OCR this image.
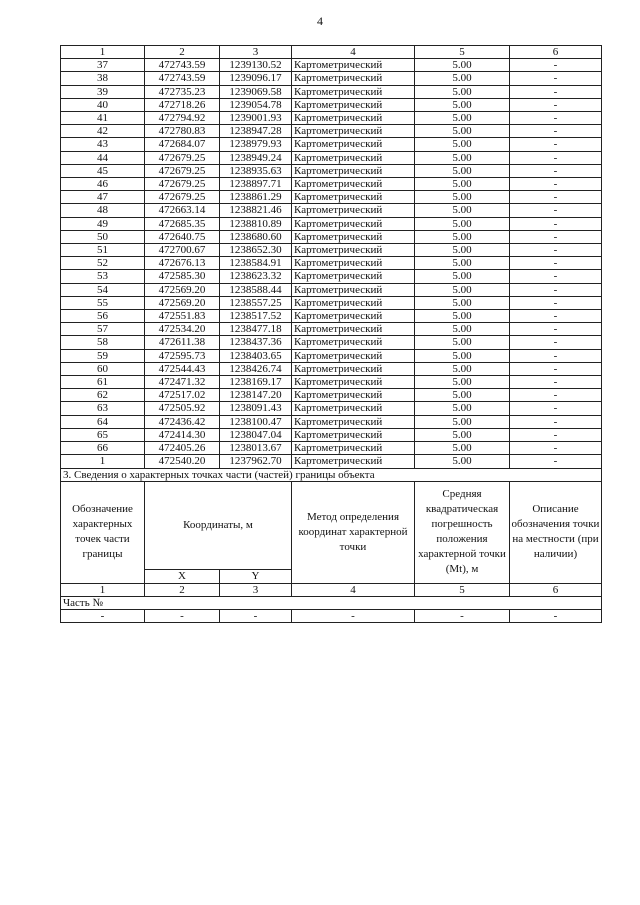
4
1	2	3	4	5	6
37	472743.59	1239130.52	Картометрический	5.00	-
38	472743.59	1239096.17	Картометрический	5.00	-
39	472735.23	1239069.58	Картометрический	5.00	-
40	472718.26	1239054.78	Картометрический	5.00	-
41	472794.92	1239001.93	Картометрический	5.00	-
42	472780.83	1238947.28	Картометрический	5.00	-
43	472684.07	1238979.93	Картометрический	5.00	-
44	472679.25	1238949.24	Картометрический	5.00	-
45	472679.25	1238935.63	Картометрический	5.00	-
46	472679.25	1238897.71	Картометрический	5.00	-
47	472679.25	1238861.29	Картометрический	5.00	-
48	472663.14	1238821.46	Картометрический	5.00	-
49	472685.35	1238810.89	Картометрический	5.00	-
50	472640.75	1238680.60	Картометрический	5.00	-
51	472700.67	1238652.30	Картометрический	5.00	-
52	472676.13	1238584.91	Картометрический	5.00	-
53	472585.30	1238623.32	Картометрический	5.00	-
54	472569.20	1238588.44	Картометрический	5.00	-
55	472569.20	1238557.25	Картометрический	5.00	-
56	472551.83	1238517.52	Картометрический	5.00	-
57	472534.20	1238477.18	Картометрический	5.00	-
58	472611.38	1238437.36	Картометрический	5.00	-
59	472595.73	1238403.65	Картометрический	5.00	-
60	472544.43	1238426.74	Картометрический	5.00	-
61	472471.32	1238169.17	Картометрический	5.00	-
62	472517.02	1238147.20	Картометрический	5.00	-
63	472505.92	1238091.43	Картометрический	5.00	-
64	472436.42	1238100.47	Картометрический	5.00	-
65	472414.30	1238047.04	Картометрический	5.00	-
66	472405.26	1238013.67	Картометрический	5.00	-
1	472540.20	1237962.70	Картометрический	5.00	-
3. Сведения о характерных точках части (частей) границы объекта					
Обозначение характерных точек части границы	Координаты, м		Метод определения координат характерной точки	Средняя квадратическая погрешность положения характерной точки (Mt), м	Описание обозначения точки на местности (при наличии)
	X	Y			
1	2	3	4	5	6
Часть №					
-	-	-	-	-	-
